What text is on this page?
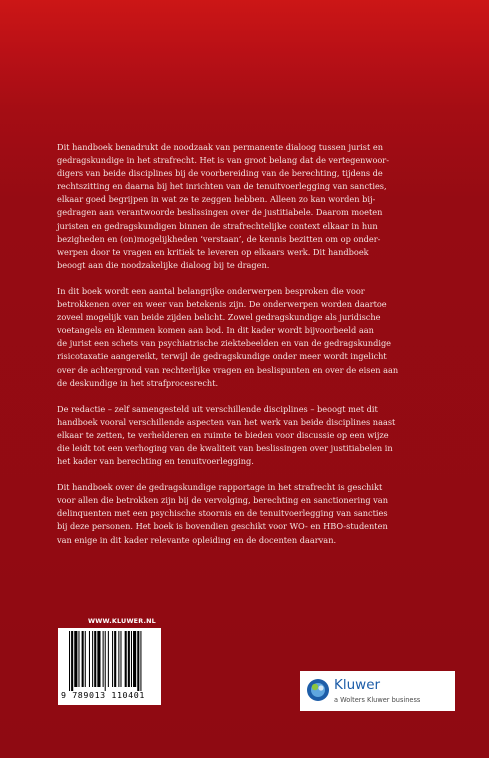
Dit handboek benadrukt de noodzaak van permanente dialoog tussen jurist en
gedragskundige in het strafrecht. Het is van groot belang dat de vertegenwoor-
digers van beide disciplines bij de voorbereiding van de berechting, tijdens de
rechtszitting en daarna bij het inrichten van de tenuitvoerlegging van sancties,
elkaar goed begrijpen in wat ze te zeggen hebben. Alleen zo kan worden bij-
gedragen aan verantwoorde beslissingen over de justitiabele. Daarom moeten
juristen en gedragskundigen binnen de strafrechtelijke context elkaar in hun
bezigheden en (on)mogelijkheden ‘verstaan’, de kennis bezitten om op onder-
werpen door te vragen en kritiek te leveren op elkaars werk. Dit handboek
beoogt aan die noodzakelijke dialoog bij te dragen.

In dit boek wordt een aantal belangrijke onderwerpen besproken die voor
betrokkenen over en weer van betekenis zijn. De onderwerpen worden daartoe
zoveel mogelijk van beide zijden belicht. Zowel gedragskundige als juridische
voetangels en klemmen komen aan bod. In dit kader wordt bijvoorbeeld aan
de jurist een schets van psychiatrische ziektebeelden en van de gedragskundige
risicotaxatie aangereikt, terwijl de gedragskundige onder meer wordt ingelicht
over de achtergrond van rechterlijke vragen en beslispunten en over de eisen aan
de deskundige in het strafprocesrecht.

De redactie – zelf samengesteld uit verschillende disciplines – beoogt met dit
handboek vooral verschillende aspecten van het werk van beide disciplines naast
elkaar te zetten, te verhelderen en ruimte te bieden voor discussie op een wijze
die leidt tot een verhoging van de kwaliteit van beslissingen over justitiabelen in
het kader van berechting en tenuitvoerlegging.

Dit handboek over de gedragskundige rapportage in het strafrecht is geschikt
voor allen die betrokken zijn bij de vervolging, berechting en sanctionering van
delinquenten met een psychische stoornis en de tenuitvoerlegging van sancties
bij deze personen. Het boek is bovendien geschikt voor WO- en HBO-studenten
van enige in dit kader relevante opleiding en de docenten daarvan.

WWW.KLUWER.NL
9 789013 110401
Kluwer
a Wolters Kluwer business
